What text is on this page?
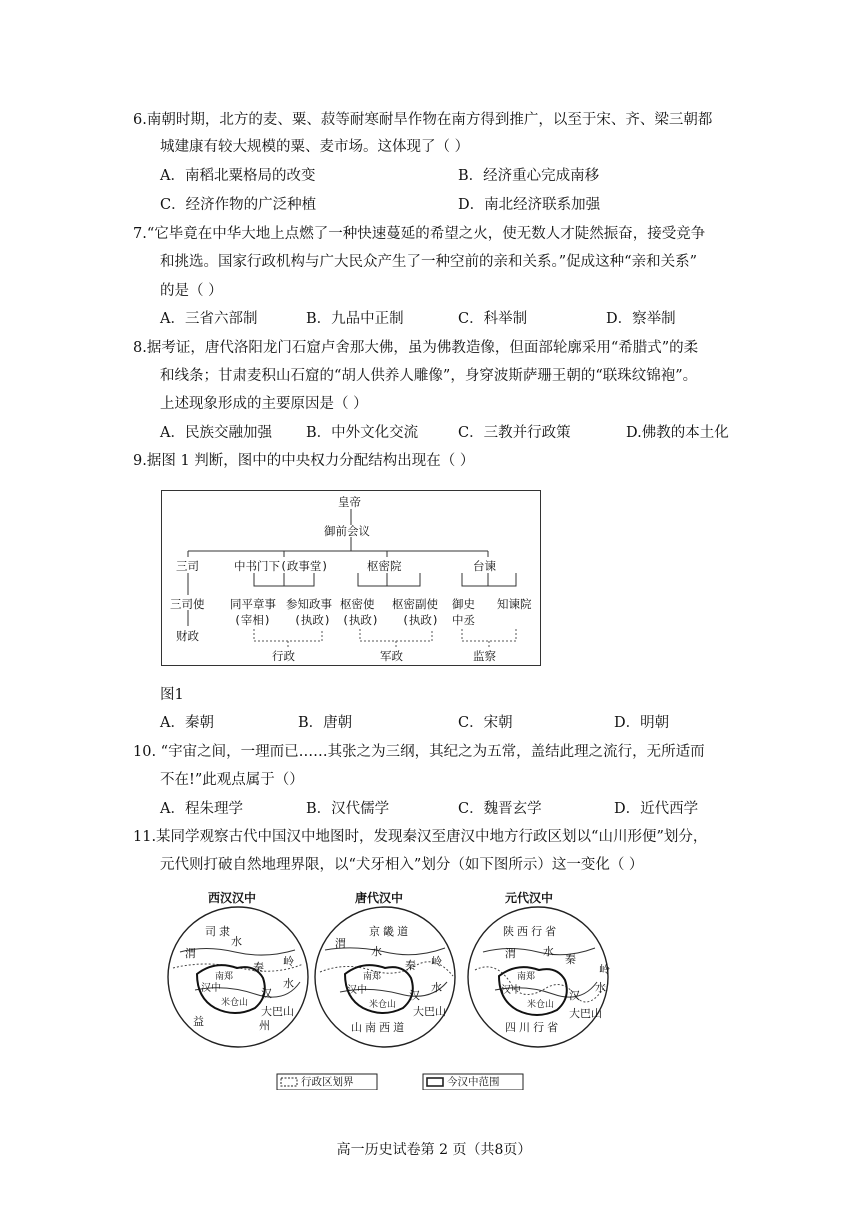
6.南朝时期，北方的麦、粟、菽等耐寒耐旱作物在南方得到推广，以至于宋、齐、梁三朝都
城建康有较大规模的粟、麦市场。这体现了（ ）
A．南稻北粟格局的改变	B．经济重心完成南移
C．经济作物的广泛种植	D．南北经济联系加强
7.“它毕竟在中华大地上点燃了一种快速蔓延的希望之火，使无数人才陡然振奋，接受竞争
和挑选。国家行政机构与广大民众产生了一种空前的亲和关系。”促成这种“亲和关系”
的是（ ）
A．三省六部制	B．九品中正制	C．科举制	D．察举制
8.据考证，唐代洛阳龙门石窟卢舍那大佛，虽为佛教造像，但面部轮廓采用“希腊式”的柔
和线条；甘肃麦积山石窟的“胡人供养人雕像”，身穿波斯萨珊王朝的“联珠纹锦袍”。
上述现象形成的主要原因是（ ）
A．民族交融加强 B．中外文化交流	C．三教并行政策	D.佛教的本土化
9.据图 1 判断，图中的中央权力分配结构出现在（ ）
皇帝
御前会议
三司	中书门下(政事堂)	枢密院	台谏
三司使
财政
同平章事
(宰相)
参知政事
(执政)
枢密使
(执政)
枢密副使
(执政)
御史
中丞
知谏院
行政	军政	监察
图1
A．秦朝	B．唐朝	C．宋朝	D．明朝
10. “宇宙之间，一理而已……其张之为三纲，其纪之为五常，盖结此理之流行，无所适而
不在!”此观点属于（）
A．程朱理学	B．汉代儒学	C．魏晋玄学	D．近代西学
11.某同学观察古代中国汉中地图时，发现秦汉至唐汉中地方行政区划以“山川形便”划分，
元代则打破自然地理界限，以“犬牙相入”划分（如下图所示）这一变化（ ）
西汉汉中
司 隶
渭
水
秦 岭
南郑
汉中	汉
水
米仓山
大巴山
益	州
唐代汉中
京 畿 道
渭
水
秦 岭
南郑
汉中	汉
水
米仓山
大巴山
山 南 西 道
元代汉中
陕 西 行 省
渭 水
秦
岭
南郑
汉中	汉
水
米仓山
大巴山
四 川 行 省
行政区划界	今汉中范围
高一历史试卷第 2 页（共8页）
